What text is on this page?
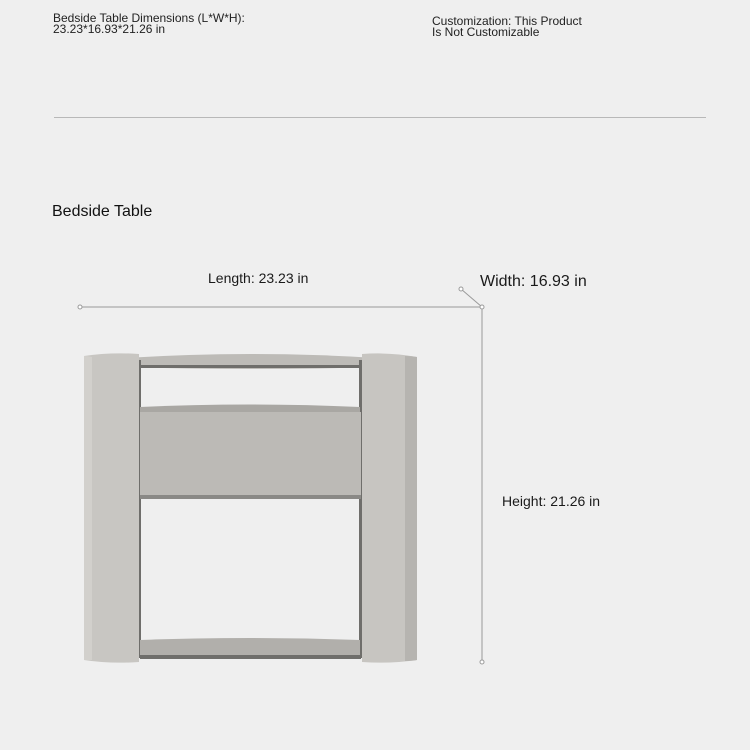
Bedside Table Dimensions (L*W*H):
23.23*16.93*21.26 in
Customization: This Product
Is Not Customizable
Bedside Table
Length: 23.23 in	Width: 16.93 in
Height: 21.26 in
